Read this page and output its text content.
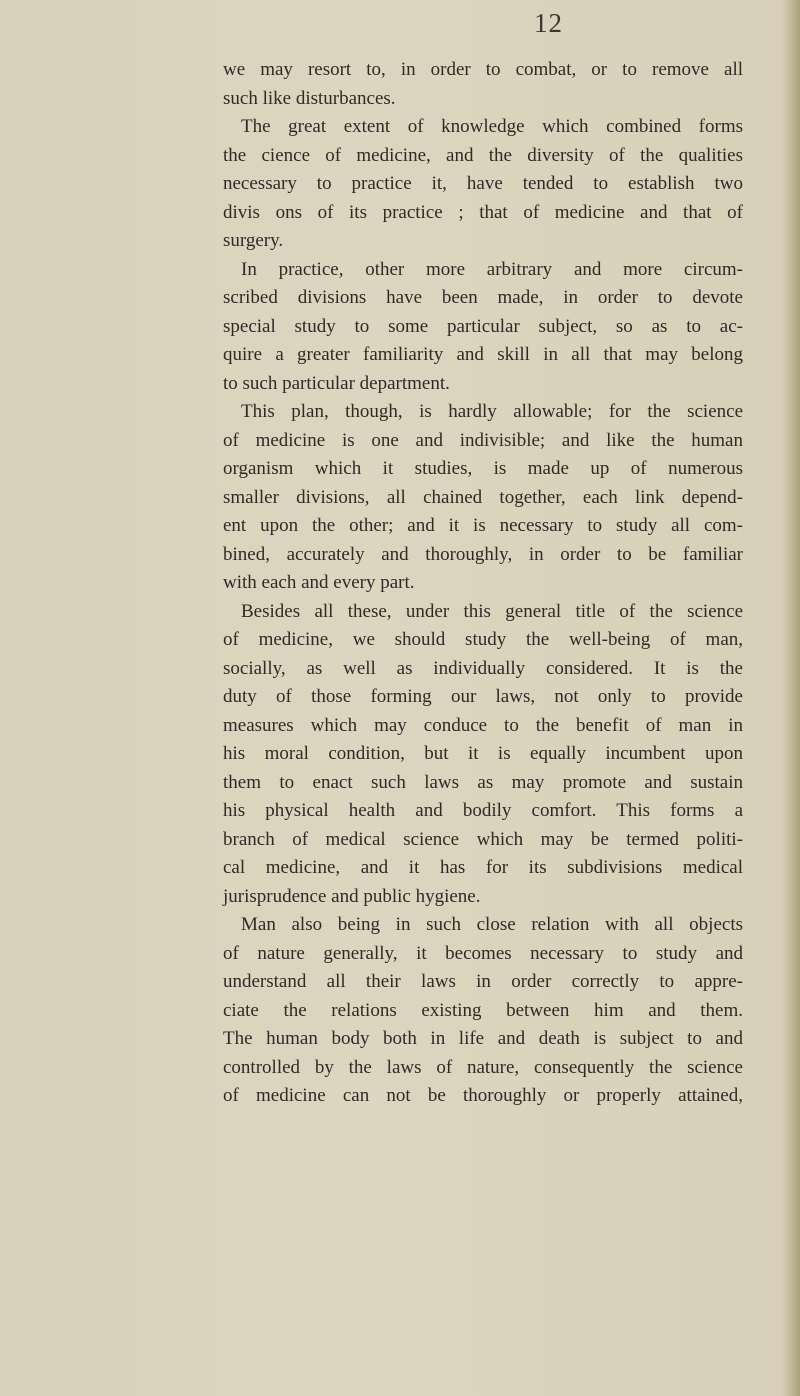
12
we may resort to, in order to combat, or to remove all
such like disturbances.
The great extent of knowledge which combined forms
the cience of medicine, and the diversity of the qualities
necessary to practice it, have tended to establish two
divis ons of its practice ; that of medicine and that of
surgery.
In practice, other more arbitrary and more circum-
scribed divisions have been made, in order to devote
special study to some particular subject, so as to ac-
quire a greater familiarity and skill in all that may belong
to such particular department.
This plan, though, is hardly allowable; for the science
of medicine is one and indivisible; and like the human
organism which it studies, is made up of numerous
smaller divisions, all chained together, each link depend-
ent upon the other; and it is necessary to study all com-
bined, accurately and thoroughly, in order to be familiar
with each and every part.
Besides all these, under this general title of the science
of medicine, we should study the well-being of man,
socially, as well as individually considered. It is the
duty of those forming our laws, not only to provide
measures which may conduce to the benefit of man in
his moral condition, but it is equally incumbent upon
them to enact such laws as may promote and sustain
his physical health and bodily comfort. This forms a
branch of medical science which may be termed politi-
cal medicine, and it has for its subdivisions medical
jurisprudence and public hygiene.
Man also being in such close relation with all objects
of nature generally, it becomes necessary to study and
understand all their laws in order correctly to appre-
ciate the relations existing between him and them.
The human body both in life and death is subject to and
controlled by the laws of nature, consequently the science
of medicine can not be thoroughly or properly attained,
